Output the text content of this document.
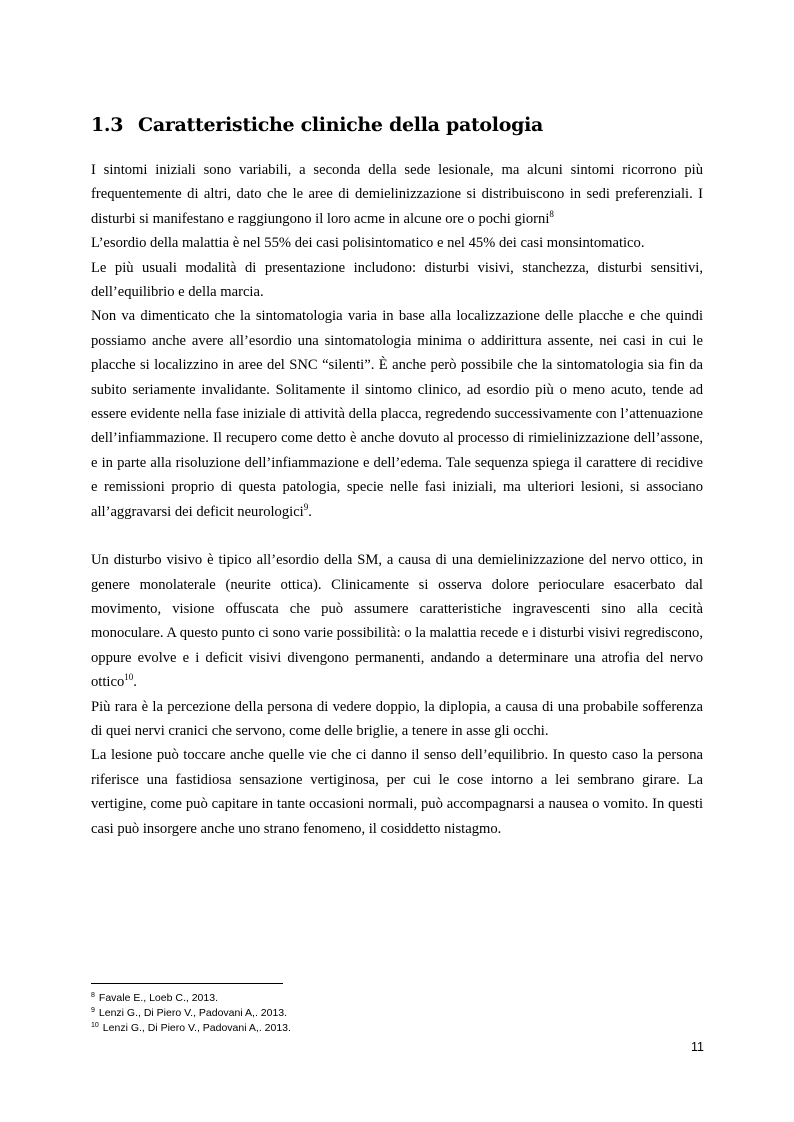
1.3 Caratteristiche cliniche della patologia

I sintomi iniziali sono variabili, a seconda della sede lesionale, ma alcuni sintomi ricorrono più frequentemente di altri, dato che le aree di demielinizzazione si distribuiscono in sedi preferenziali. I disturbi si manifestano e raggiungono il loro acme in alcune ore o pochi giorni$^8$

L’esordio della malattia è nel 55% dei casi polisintomatico e nel 45% dei casi monsintomatico.

Le più usuali modalità di presentazione includono: disturbi visivi, stanchezza, disturbi sensitivi, dell’equilibrio e della marcia.

Non va dimenticato che la sintomatologia varia in base alla localizzazione delle placche e che quindi possiamo anche avere all’esordio una sintomatologia minima o addirittura assente, nei casi in cui le placche si localizzino in aree del SNC “silenti”. È anche però possibile che la sintomatologia sia fin da subito seriamente invalidante. Solitamente il sintomo clinico, ad esordio più o meno acuto, tende ad essere evidente nella fase iniziale di attività della placca, regredendo successivamente con l’attenuazione dell’infiammazione. Il recupero come detto è anche dovuto al processo di rimielinizzazione dell’assone, e in parte alla risoluzione dell’infiammazione e dell’edema. Tale sequenza spiega il carattere di recidive e remissioni proprio di questa patologia, specie nelle fasi iniziali, ma ulteriori lesioni, si associano all’aggravarsi dei deficit neurologici$^9$.

Un disturbo visivo è tipico all’esordio della SM, a causa di una demielinizzazione del nervo ottico, in genere monolaterale (neurite ottica). Clinicamente si osserva dolore perioculare esacerbato dal movimento, visione offuscata che può assumere caratteristiche ingravescenti sino alla cecità monoculare. A questo punto ci sono varie possibilità: o la malattia recede e i disturbi visivi regrediscono, oppure evolve e i deficit visivi divengono permanenti, andando a determinare una atrofia del nervo ottico$^{10}$.

Più rara è la percezione della persona di vedere doppio, la diplopia, a causa di una probabile sofferenza di quei nervi cranici che servono, come delle briglie, a tenere in asse gli occhi.

La lesione può toccare anche quelle vie che ci danno il senso dell’equilibrio. In questo caso la persona riferisce una fastidiosa sensazione vertiginosa, per cui le cose intorno a lei sembrano girare. La vertigine, come può capitare in tante occasioni normali, può accompagnarsi a nausea o vomito. In questi casi può insorgere anche uno strano fenomeno, il cosiddetto nistagmo.

$^8$ Favale E., Loeb C., 2013.
$^9$ Lenzi G., Di Piero V., Padovani A,. 2013.
$^{10}$ Lenzi G., Di Piero V., Padovani A,. 2013.
11
